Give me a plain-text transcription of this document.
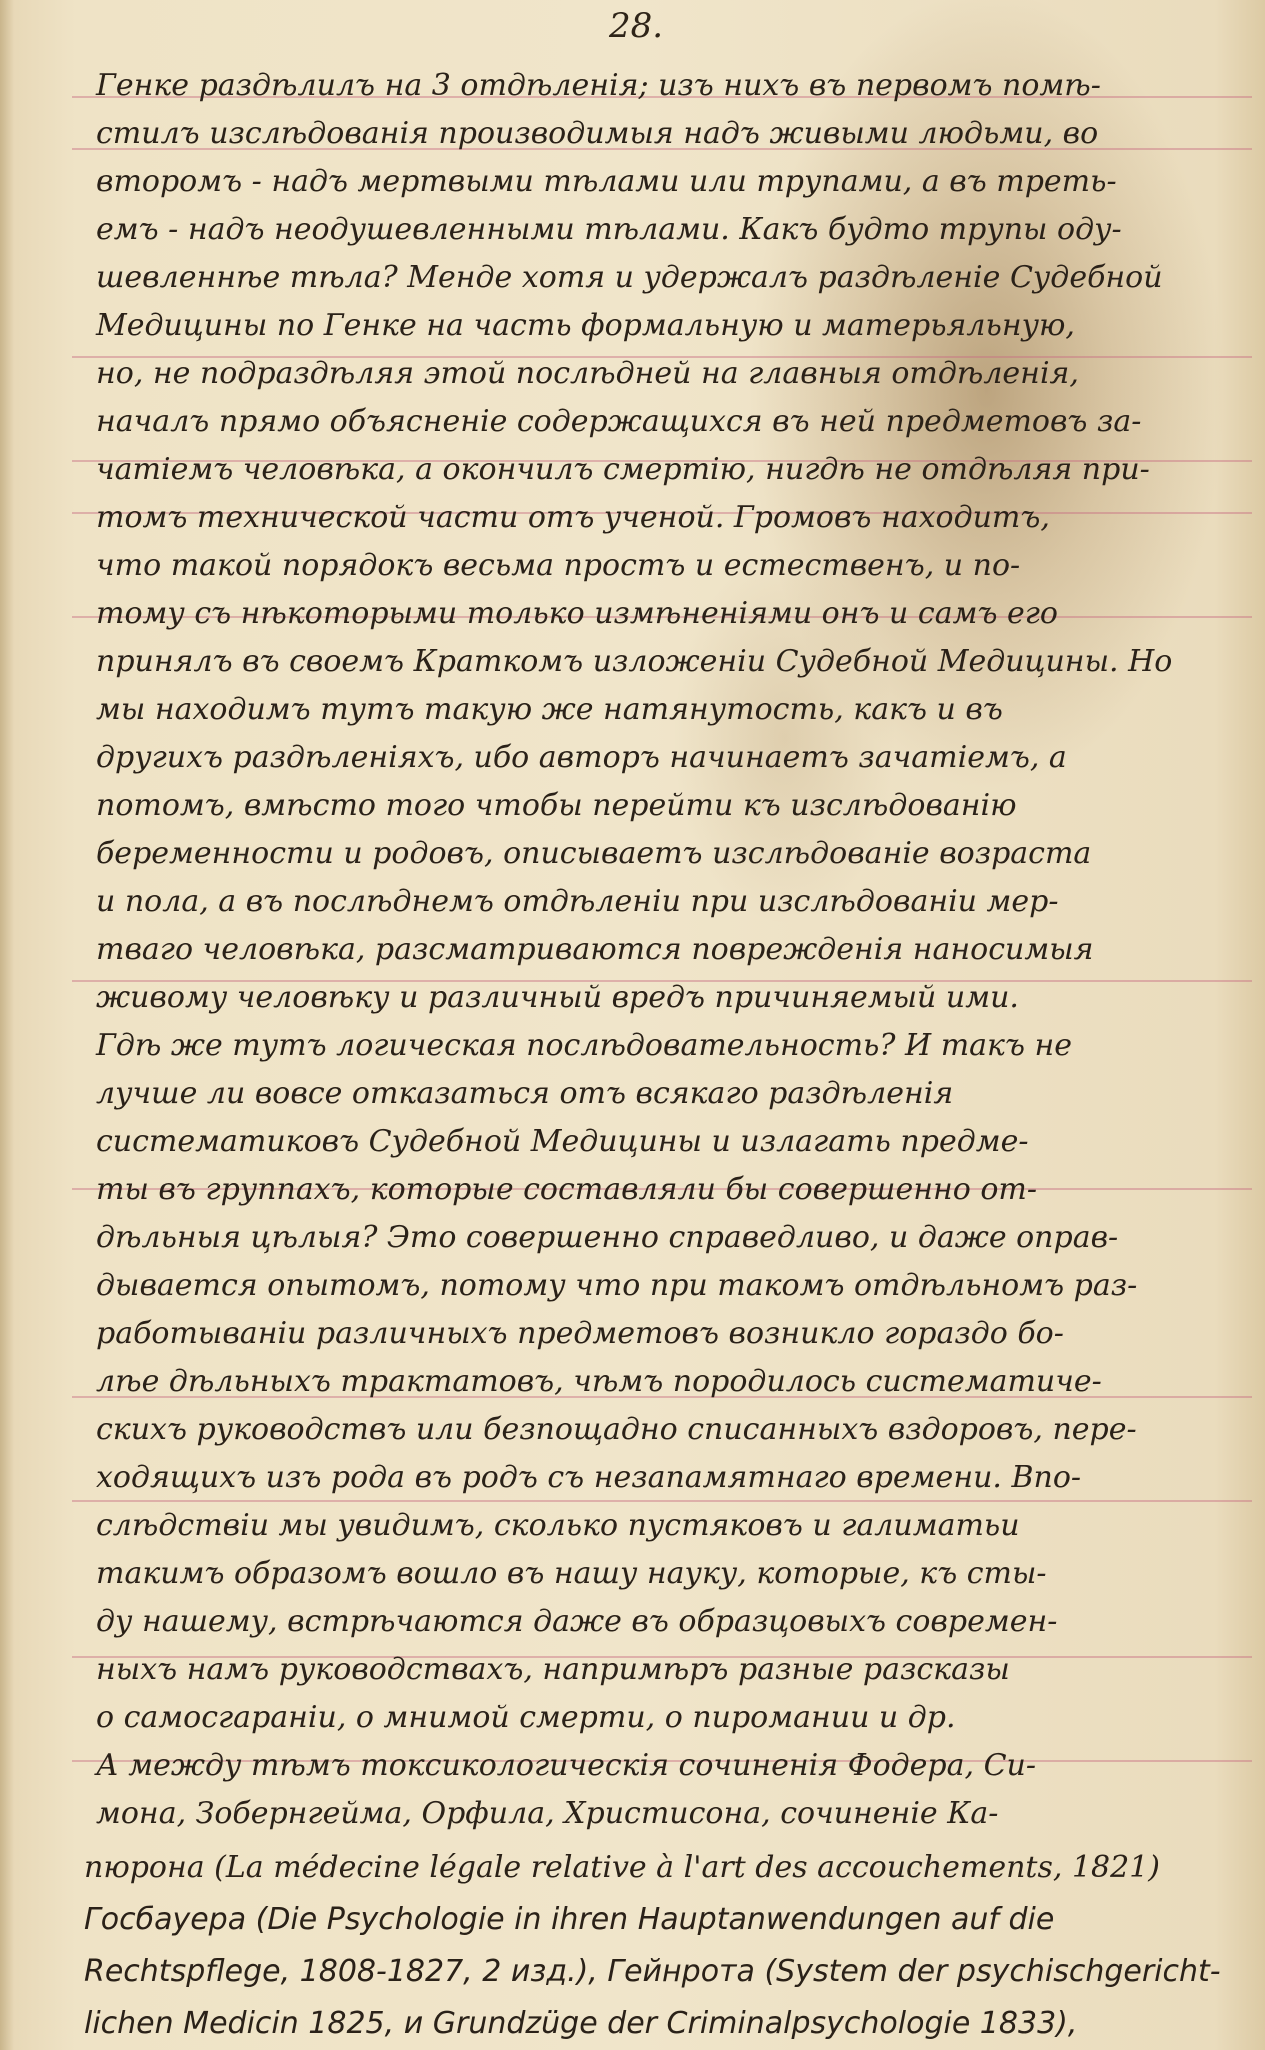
28.
Генке раздѣлилъ на 3 отдѣленія; изъ нихъ въ первомъ помѣ-
стилъ изслѣдованія производимыя надъ живыми людьми, во
второмъ - надъ мертвыми тѣлами или трупами, а въ треть-
емъ - надъ неодушевленными тѣлами. Какъ будто трупы оду-
шевленнѣе тѣла? Менде хотя и удержалъ раздѣленіе Судебной
Медицины по Генке на часть формальную и матерьяльную,
но, не подраздѣляя этой послѣдней на главныя отдѣленія,
началъ прямо объясненіе содержащихся въ ней предметовъ за-
чатіемъ человѣка, а окончилъ смертію, нигдѣ не отдѣляя при-
томъ технической части отъ ученой. Громовъ находитъ,
что такой порядокъ весьма простъ и естественъ, и по-
тому съ нѣкоторыми только измѣненіями онъ и самъ его
принялъ въ своемъ Краткомъ изложеніи Судебной Медицины. Но
мы находимъ тутъ такую же натянутость, какъ и въ
другихъ раздѣленіяхъ, ибо авторъ начинаетъ зачатіемъ, а
потомъ, вмѣсто того чтобы перейти къ изслѣдованію
беременности и родовъ, описываетъ изслѣдованіе возраста
и пола, а въ послѣднемъ отдѣленіи при изслѣдованіи мер-
тваго человѣка, разсматриваются поврежденія наносимыя
живому человѣку и различный вредъ причиняемый ими.
Гдѣ же тутъ логическая послѣдовательность? И такъ не
лучше ли вовсе отказаться отъ всякаго раздѣленія
систематиковъ Судебной Медицины и излагать предме-
ты въ группахъ, которые составляли бы совершенно от-
дѣльныя цѣлыя? Это совершенно справедливо, и даже оправ-
дывается опытомъ, потому что при такомъ отдѣльномъ раз-
работываніи различныхъ предметовъ возникло гораздо бо-
лѣе дѣльныхъ трактатовъ, чѣмъ породилось систематиче-
скихъ руководствъ или безпощадно списанныхъ вздоровъ, пере-
ходящихъ изъ рода въ родъ съ незапамятнаго времени. Впо-
слѣдствіи мы увидимъ, сколько пустяковъ и галиматьи
такимъ образомъ вошло въ нашу науку, которые, къ сты-
ду нашему, встрѣчаются даже въ образцовыхъ современ-
ныхъ намъ руководствахъ, напримѣръ разные разсказы
о самосгараніи, о мнимой смерти, о пиромании и др.
А между тѣмъ токсикологическія сочиненія Фодера, Си-
мона, Зобернгейма, Орфила, Христисона, сочиненіе Ка-
пюрона (La médecine légale relative à l'art des accouchements, 1821)
Госбауера (Die Psychologie in ihren Hauptanwendungen auf die
Rechtspflege, 1808-1827, 2 изд.), Гейнрота (System der psychischgericht-
lichen Medicin 1825, и Grundzüge der Criminalpsychologie 1833),
